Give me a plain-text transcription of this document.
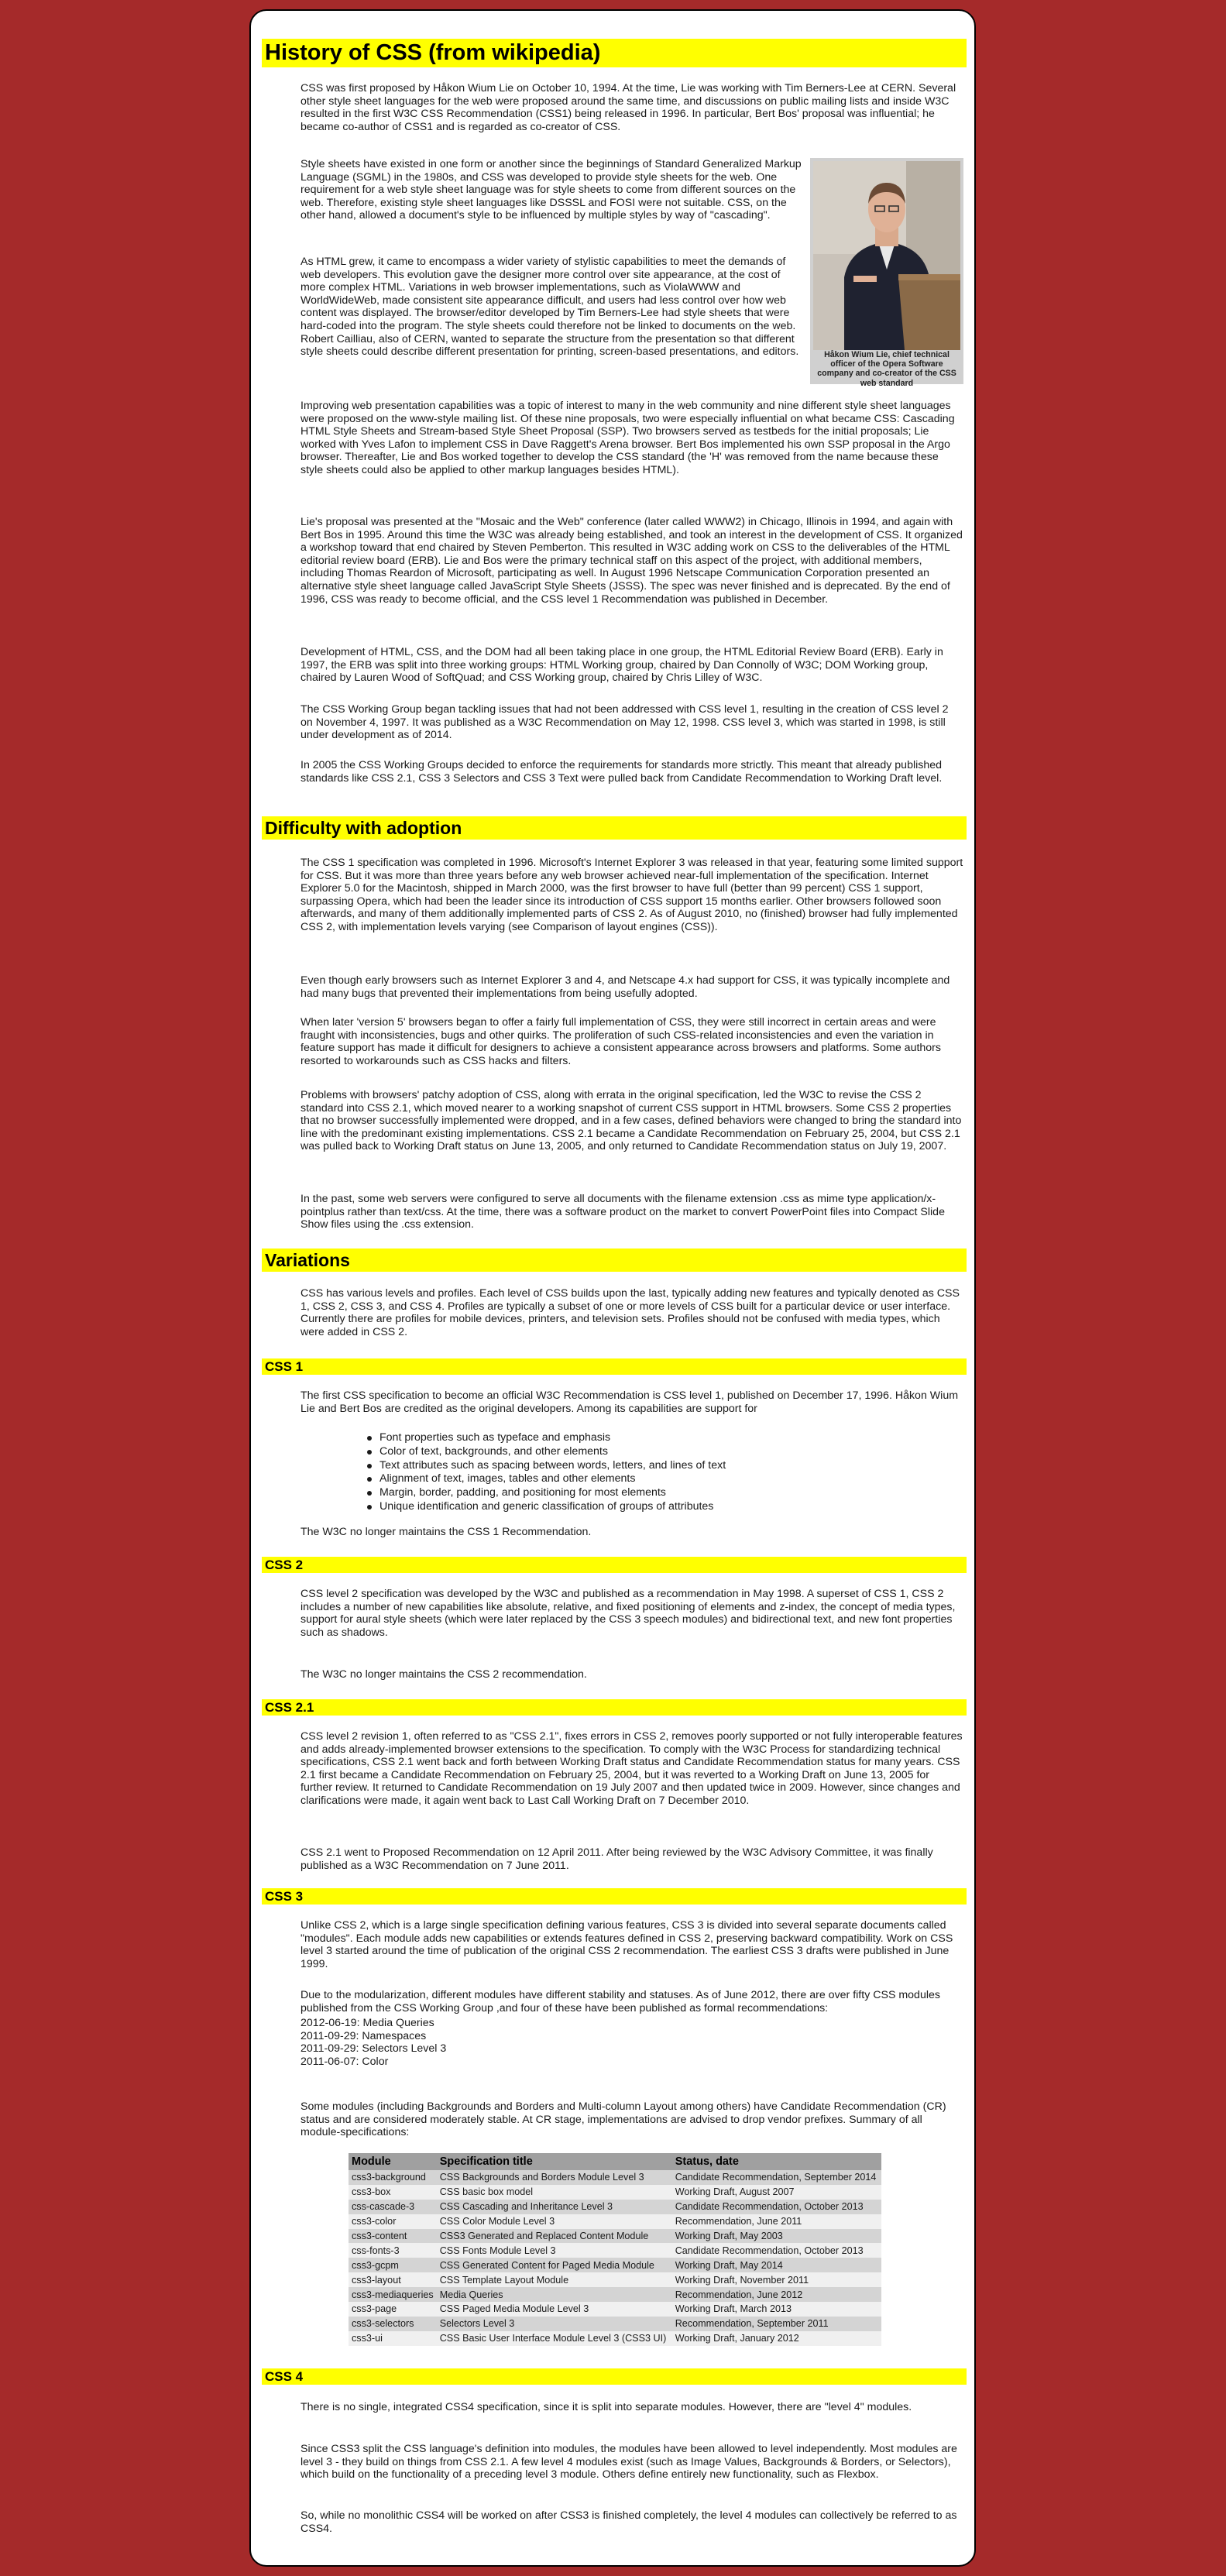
History of CSS (from wikipedia)

CSS was first proposed by Håkon Wium Lie on October 10, 1994. At the time, Lie was working with Tim Berners-Lee at CERN. Several other style sheet languages for the web were proposed around the same time, and discussions on public mailing lists and inside W3C resulted in the first W3C CSS Recommendation (CSS1) being released in 1996. In particular, Bert Bos' proposal was influential; he became co-author of CSS1 and is regarded as co-creator of CSS.

Håkon Wium Lie, chief technical officer of the Opera Software company and co-creator of the CSS web standard

Style sheets have existed in one form or another since the beginnings of Standard Generalized Markup Language (SGML) in the 1980s, and CSS was developed to provide style sheets for the web. One requirement for a web style sheet language was for style sheets to come from different sources on the web. Therefore, existing style sheet languages like DSSSL and FOSI were not suitable. CSS, on the other hand, allowed a document's style to be influenced by multiple styles by way of "cascading".

As HTML grew, it came to encompass a wider variety of stylistic capabilities to meet the demands of web developers. This evolution gave the designer more control over site appearance, at the cost of more complex HTML. Variations in web browser implementations, such as ViolaWWW and WorldWideWeb, made consistent site appearance difficult, and users had less control over how web content was displayed. The browser/editor developed by Tim Berners-Lee had style sheets that were hard-coded into the program. The style sheets could therefore not be linked to documents on the web. Robert Cailliau, also of CERN, wanted to separate the structure from the presentation so that different style sheets could describe different presentation for printing, screen-based presentations, and editors.

Improving web presentation capabilities was a topic of interest to many in the web community and nine different style sheet languages were proposed on the www-style mailing list. Of these nine proposals, two were especially influential on what became CSS: Cascading HTML Style Sheets and Stream-based Style Sheet Proposal (SSP). Two browsers served as testbeds for the initial proposals; Lie worked with Yves Lafon to implement CSS in Dave Raggett's Arena browser. Bert Bos implemented his own SSP proposal in the Argo browser. Thereafter, Lie and Bos worked together to develop the CSS standard (the 'H' was removed from the name because these style sheets could also be applied to other markup languages besides HTML).

Lie's proposal was presented at the "Mosaic and the Web" conference (later called WWW2) in Chicago, Illinois in 1994, and again with Bert Bos in 1995. Around this time the W3C was already being established, and took an interest in the development of CSS. It organized a workshop toward that end chaired by Steven Pemberton. This resulted in W3C adding work on CSS to the deliverables of the HTML editorial review board (ERB). Lie and Bos were the primary technical staff on this aspect of the project, with additional members, including Thomas Reardon of Microsoft, participating as well. In August 1996 Netscape Communication Corporation presented an alternative style sheet language called JavaScript Style Sheets (JSSS). The spec was never finished and is deprecated. By the end of 1996, CSS was ready to become official, and the CSS level 1 Recommendation was published in December.

Development of HTML, CSS, and the DOM had all been taking place in one group, the HTML Editorial Review Board (ERB). Early in 1997, the ERB was split into three working groups: HTML Working group, chaired by Dan Connolly of W3C; DOM Working group, chaired by Lauren Wood of SoftQuad; and CSS Working group, chaired by Chris Lilley of W3C.

The CSS Working Group began tackling issues that had not been addressed with CSS level 1, resulting in the creation of CSS level 2 on November 4, 1997. It was published as a W3C Recommendation on May 12, 1998. CSS level 3, which was started in 1998, is still under development as of 2014.

In 2005 the CSS Working Groups decided to enforce the requirements for standards more strictly. This meant that already published standards like CSS 2.1, CSS 3 Selectors and CSS 3 Text were pulled back from Candidate Recommendation to Working Draft level.

Difficulty with adoption

The CSS 1 specification was completed in 1996. Microsoft's Internet Explorer 3 was released in that year, featuring some limited support for CSS. But it was more than three years before any web browser achieved near-full implementation of the specification. Internet Explorer 5.0 for the Macintosh, shipped in March 2000, was the first browser to have full (better than 99 percent) CSS 1 support, surpassing Opera, which had been the leader since its introduction of CSS support 15 months earlier. Other browsers followed soon afterwards, and many of them additionally implemented parts of CSS 2. As of August 2010, no (finished) browser had fully implemented CSS 2, with implementation levels varying (see Comparison of layout engines (CSS)).

Even though early browsers such as Internet Explorer 3 and 4, and Netscape 4.x had support for CSS, it was typically incomplete and had many bugs that prevented their implementations from being usefully adopted.

When later 'version 5' browsers began to offer a fairly full implementation of CSS, they were still incorrect in certain areas and were fraught with inconsistencies, bugs and other quirks. The proliferation of such CSS-related inconsistencies and even the variation in feature support has made it difficult for designers to achieve a consistent appearance across browsers and platforms. Some authors resorted to workarounds such as CSS hacks and filters.

Problems with browsers' patchy adoption of CSS, along with errata in the original specification, led the W3C to revise the CSS 2 standard into CSS 2.1, which moved nearer to a working snapshot of current CSS support in HTML browsers. Some CSS 2 properties that no browser successfully implemented were dropped, and in a few cases, defined behaviors were changed to bring the standard into line with the predominant existing implementations. CSS 2.1 became a Candidate Recommendation on February 25, 2004, but CSS 2.1 was pulled back to Working Draft status on June 13, 2005, and only returned to Candidate Recommendation status on July 19, 2007.

In the past, some web servers were configured to serve all documents with the filename extension .css as mime type application/x-pointplus rather than text/css. At the time, there was a software product on the market to convert PowerPoint files into Compact Slide Show files using the .css extension.

Variations

CSS has various levels and profiles. Each level of CSS builds upon the last, typically adding new features and typically denoted as CSS 1, CSS 2, CSS 3, and CSS 4. Profiles are typically a subset of one or more levels of CSS built for a particular device or user interface. Currently there are profiles for mobile devices, printers, and television sets. Profiles should not be confused with media types, which were added in CSS 2.

CSS 1

The first CSS specification to become an official W3C Recommendation is CSS level 1, published on December 17, 1996. Håkon Wium Lie and Bert Bos are credited as the original developers. Among its capabilities are support for

Font properties such as typeface and emphasis
Color of text, backgrounds, and other elements
Text attributes such as spacing between words, letters, and lines of text
Alignment of text, images, tables and other elements
Margin, border, padding, and positioning for most elements
Unique identification and generic classification of groups of attributes

The W3C no longer maintains the CSS 1 Recommendation.

CSS 2

CSS level 2 specification was developed by the W3C and published as a recommendation in May 1998. A superset of CSS 1, CSS 2 includes a number of new capabilities like absolute, relative, and fixed positioning of elements and z-index, the concept of media types, support for aural style sheets (which were later replaced by the CSS 3 speech modules) and bidirectional text, and new font properties such as shadows.

The W3C no longer maintains the CSS 2 recommendation.

CSS 2.1

CSS level 2 revision 1, often referred to as "CSS 2.1", fixes errors in CSS 2, removes poorly supported or not fully interoperable features and adds already-implemented browser extensions to the specification. To comply with the W3C Process for standardizing technical specifications, CSS 2.1 went back and forth between Working Draft status and Candidate Recommendation status for many years. CSS 2.1 first became a Candidate Recommendation on February 25, 2004, but it was reverted to a Working Draft on June 13, 2005 for further review. It returned to Candidate Recommendation on 19 July 2007 and then updated twice in 2009. However, since changes and clarifications were made, it again went back to Last Call Working Draft on 7 December 2010.

CSS 2.1 went to Proposed Recommendation on 12 April 2011. After being reviewed by the W3C Advisory Committee, it was finally published as a W3C Recommendation on 7 June 2011.

CSS 3

Unlike CSS 2, which is a large single specification defining various features, CSS 3 is divided into several separate documents called "modules". Each module adds new capabilities or extends features defined in CSS 2, preserving backward compatibility. Work on CSS level 3 started around the time of publication of the original CSS 2 recommendation. The earliest CSS 3 drafts were published in June 1999.

Due to the modularization, different modules have different stability and statuses. As of June 2012, there are over fifty CSS modules published from the CSS Working Group ,and four of these have been published as formal recommendations:

2012-06-19: Media Queries
2011-09-29: Namespaces
2011-09-29: Selectors Level 3
2011-06-07: Color

Some modules (including Backgrounds and Borders and Multi-column Layout among others) have Candidate Recommendation (CR) status and are considered moderately stable. At CR stage, implementations are advised to drop vendor prefixes. Summary of all module-specifications:

Module	Specification title	Status, date
css3-background	CSS Backgrounds and Borders Module Level 3	Candidate Recommendation, September 2014
css3-box	CSS basic box model	Working Draft, August 2007
css-cascade-3	CSS Cascading and Inheritance Level 3	Candidate Recommendation, October 2013
css3-color	CSS Color Module Level 3	Recommendation, June 2011
css3-content	CSS3 Generated and Replaced Content Module	Working Draft, May 2003
css-fonts-3	CSS Fonts Module Level 3	Candidate Recommendation, October 2013
css3-gcpm	CSS Generated Content for Paged Media Module	Working Draft, May 2014
css3-layout	CSS Template Layout Module	Working Draft, November 2011
css3-mediaqueries	Media Queries	Recommendation, June 2012
css3-page	CSS Paged Media Module Level 3	Working Draft, March 2013
css3-selectors	Selectors Level 3	Recommendation, September 2011
css3-ui	CSS Basic User Interface Module Level 3 (CSS3 UI)	Working Draft, January 2012
CSS 4

There is no single, integrated CSS4 specification, since it is split into separate modules. However, there are "level 4" modules.

Since CSS3 split the CSS language's definition into modules, the modules have been allowed to level independently. Most modules are level 3 - they build on things from CSS 2.1. A few level 4 modules exist (such as Image Values, Backgrounds & Borders, or Selectors), which build on the functionality of a preceding level 3 module. Others define entirely new functionality, such as Flexbox.

So, while no monolithic CSS4 will be worked on after CSS3 is finished completely, the level 4 modules can collectively be referred to as CSS4.
